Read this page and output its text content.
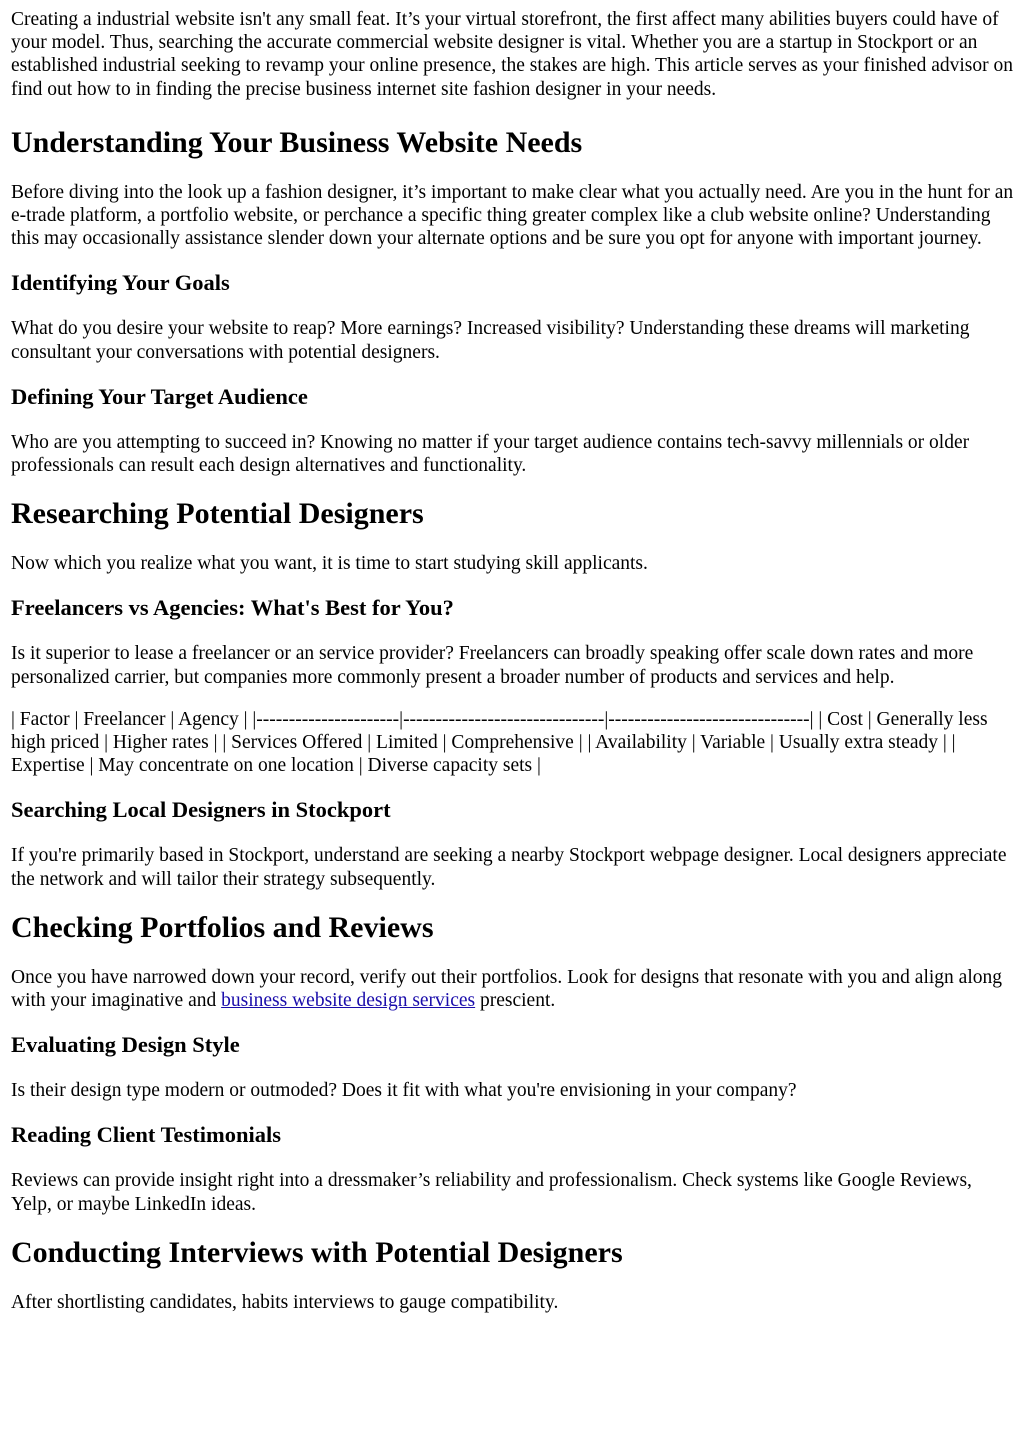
Creating a industrial website isn't any small feat. It’s your virtual storefront, the first affect many abilities buyers could have of your model. Thus, searching the accurate commercial website designer is vital. Whether you are a startup in Stockport or an established industrial seeking to revamp your online presence, the stakes are high. This article serves as your finished advisor on find out how to in finding the precise business internet site fashion designer in your needs.

Understanding Your Business Website Needs

Before diving into the look up a fashion designer, it’s important to make clear what you actually need. Are you in the hunt for an e-trade platform, a portfolio website, or perchance a specific thing greater complex like a club website online? Understanding this may occasionally assistance slender down your alternate options and be sure you opt for anyone with important journey.

Identifying Your Goals

What do you desire your website to reap? More earnings? Increased visibility? Understanding these dreams will marketing consultant your conversations with potential designers.

Defining Your Target Audience

Who are you attempting to succeed in? Knowing no matter if your target audience contains tech-savvy millennials or older professionals can result each design alternatives and functionality.

Researching Potential Designers

Now which you realize what you want, it is time to start studying skill applicants.

Freelancers vs Agencies: What's Best for You?

Is it superior to lease a freelancer or an service provider? Freelancers can broadly speaking offer scale down rates and more personalized carrier, but companies more commonly present a broader number of products and services and help.

| Factor | Freelancer | Agency | |----------------------|-------------------------------|-------------------------------| | Cost | Generally less high priced | Higher rates | | Services Offered | Limited | Comprehensive | | Availability | Variable | Usually extra steady | | Expertise | May concentrate on one location | Diverse capacity sets |

Searching Local Designers in Stockport

If you're primarily based in Stockport, understand are seeking a nearby Stockport webpage designer. Local designers appreciate the network and will tailor their strategy subsequently.

Checking Portfolios and Reviews

Once you have narrowed down your record, verify out their portfolios. Look for designs that resonate with you and align along with your imaginative and business website design services prescient.

Evaluating Design Style

Is their design type modern or outmoded? Does it fit with what you're envisioning in your company?

Reading Client Testimonials

Reviews can provide insight right into a dressmaker’s reliability and professionalism. Check systems like Google Reviews, Yelp, or maybe LinkedIn ideas.

Conducting Interviews with Potential Designers

After shortlisting candidates, habits interviews to gauge compatibility.
